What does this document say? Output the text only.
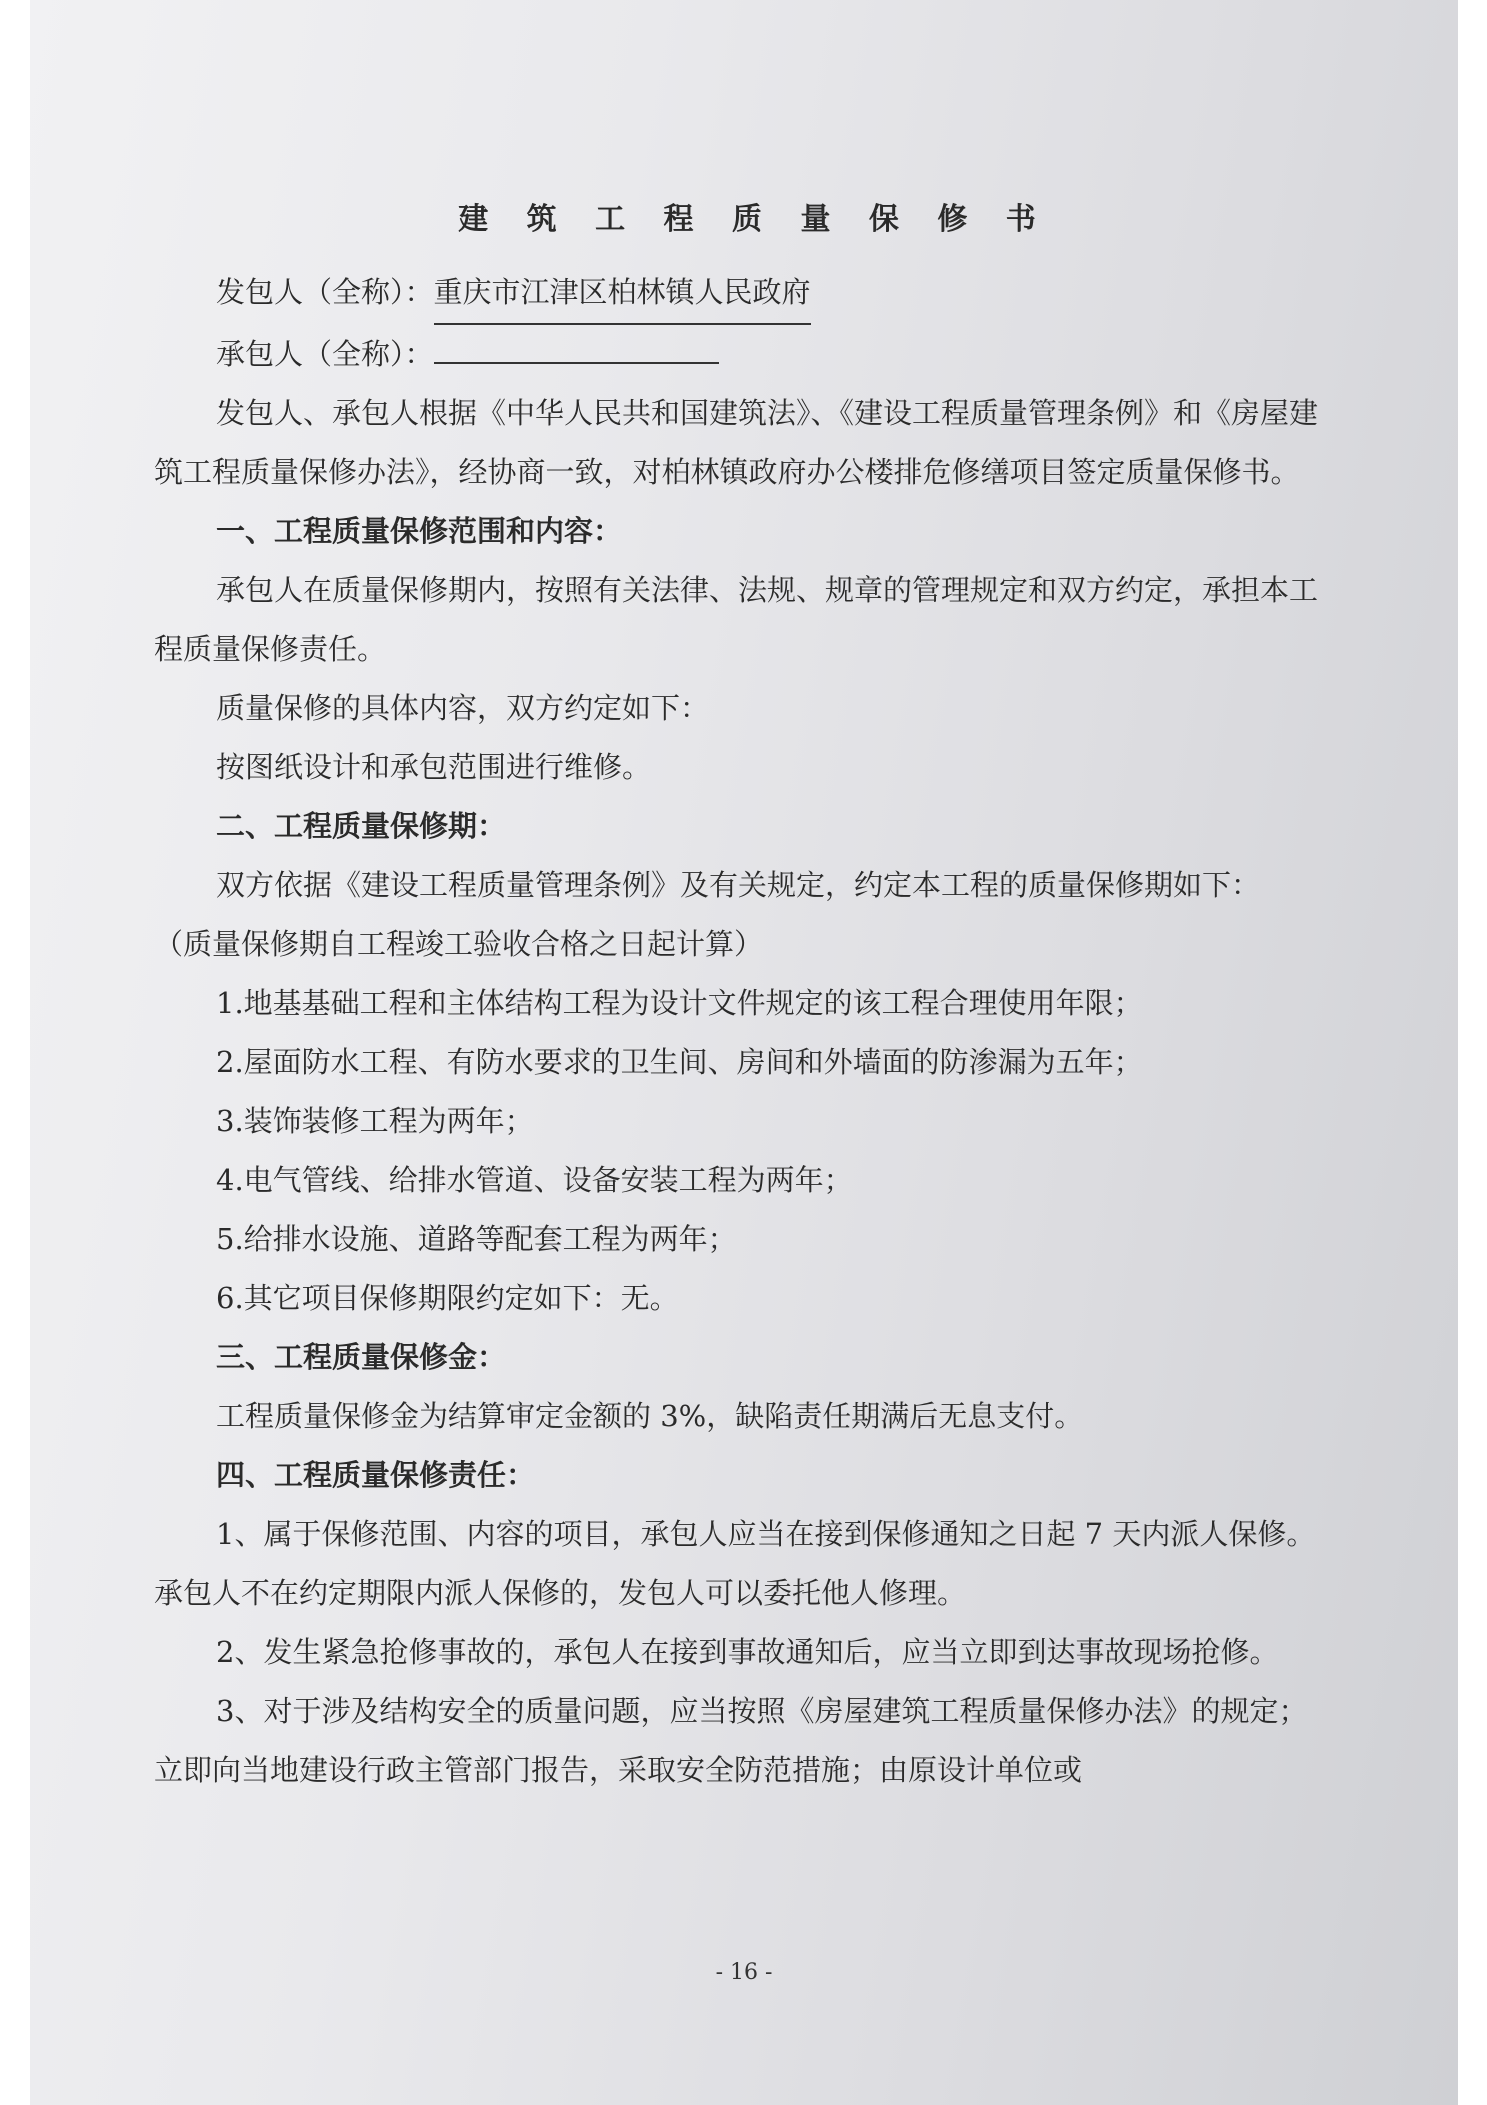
建 筑 工 程 质 量 保 修 书

发包人（全称）： 重庆市江津区柏林镇人民政府

承包人（全称）：

发包人、承包人根据《中华人民共和国建筑法》、《建设工程质量管理条例》和《房屋建筑工程质量保修办法》，经协商一致，对柏林镇政府办公楼排危修缮项目签定质量保修书。

一、工程质量保修范围和内容：

承包人在质量保修期内，按照有关法律、法规、规章的管理规定和双方约定，承担本工程质量保修责任。

质量保修的具体内容，双方约定如下：

按图纸设计和承包范围进行维修。

二、工程质量保修期：

双方依据《建设工程质量管理条例》及有关规定，约定本工程的质量保修期如下：

（质量保修期自工程竣工验收合格之日起计算）

1.地基基础工程和主体结构工程为设计文件规定的该工程合理使用年限；

2.屋面防水工程、有防水要求的卫生间、房间和外墙面的防渗漏为五年；

3.装饰装修工程为两年；

4.电气管线、给排水管道、设备安装工程为两年；

5.给排水设施、道路等配套工程为两年；

6.其它项目保修期限约定如下：无。

三、工程质量保修金：

工程质量保修金为结算审定金额的 3%，缺陷责任期满后无息支付。

四、工程质量保修责任：

1、属于保修范围、内容的项目，承包人应当在接到保修通知之日起 7 天内派人保修。承包人不在约定期限内派人保修的，发包人可以委托他人修理。

2、发生紧急抢修事故的，承包人在接到事故通知后，应当立即到达事故现场抢修。

3、对于涉及结构安全的质量问题，应当按照《房屋建筑工程质量保修办法》的规定；立即向当地建设行政主管部门报告，采取安全防范措施；由原设计单位或

- 16 -
